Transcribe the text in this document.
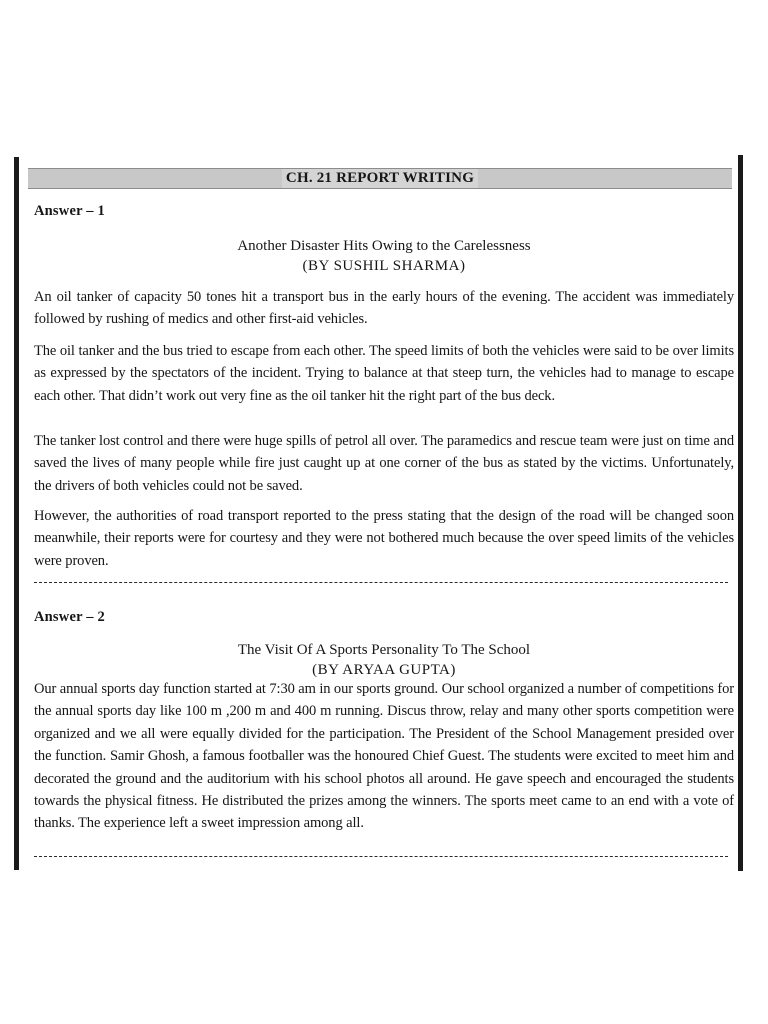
CH. 21 REPORT WRITING
Answer – 1

Another Disaster Hits Owing to the Carelessness

(BY SUSHIL SHARMA)

An oil tanker of capacity 50 tones hit a transport bus in the early hours of the evening. The accident was immediately followed by rushing of medics and other first-aid vehicles.

The oil tanker and the bus tried to escape from each other. The speed limits of both the vehicles were said to be over limits as expressed by the spectators of the incident. Trying to balance at that steep turn, the vehicles had to manage to escape each other. That didn’t work out very fine as the oil tanker hit the right part of the bus deck.

The tanker lost control and there were huge spills of petrol all over. The paramedics and rescue team were just on time and saved the lives of many people while fire just caught up at one corner of the bus as stated by the victims. Unfortunately, the drivers of both vehicles could not be saved.

However, the authorities of road transport reported to the press stating that the design of the road will be changed soon meanwhile, their reports were for courtesy and they were not bothered much because the over speed limits of the vehicles were proven.

Answer – 2

The Visit Of A Sports Personality To The School

(BY ARYAA GUPTA)

Our annual sports day function started at 7:30 am in our sports ground. Our school organized a number of competitions for the annual sports day like 100 m ,200 m and 400 m running. Discus throw, relay and many other sports competition were organized and we all were equally divided for the participation. The President of the School Management presided over the function. Samir Ghosh, a famous footballer was the honoured Chief Guest. The students were excited to meet him and decorated the ground and the auditorium with his school photos all around. He gave speech and encouraged the students towards the physical fitness. He distributed the prizes among the winners. The sports meet came to an end with a vote of thanks. The experience left a sweet impression among all.
